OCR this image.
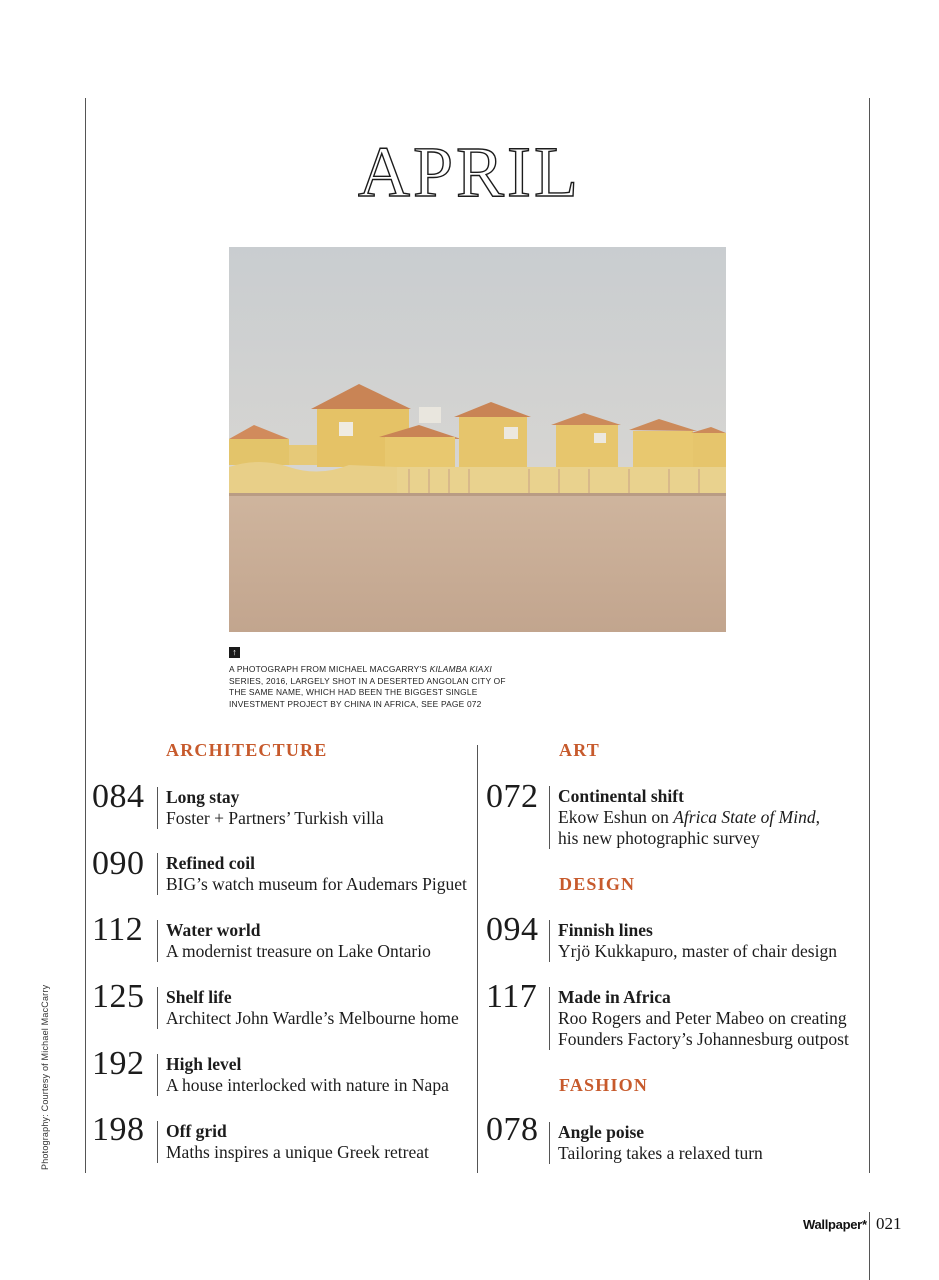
APRIL
↑
A PHOTOGRAPH FROM MICHAEL MACGARRY'S KILAMBA KIAXI SERIES, 2016, LARGELY SHOT IN A DESERTED ANGOLAN CITY OF THE SAME NAME, WHICH HAD BEEN THE BIGGEST SINGLE INVESTMENT PROJECT BY CHINA IN AFRICA, SEE PAGE 072
ARCHITECTURE
084 Long stay
Foster + Partners’ Turkish villa
090 Refined coil
BIG’s watch museum for Audemars Piguet
112 Water world
A modernist treasure on Lake Ontario
125 Shelf life
Architect John Wardle’s Melbourne home
192 High level
A house interlocked with nature in Napa
198 Off grid
Maths inspires a unique Greek retreat
ART
072 Continental shift
Ekow Eshun on Africa State of Mind,
his new photographic survey
DESIGN
094 Finnish lines
Yrjö Kukkapuro, master of chair design
117 Made in Africa
Roo Rogers and Peter Mabeo on creating
Founders Factory’s Johannesburg outpost
FASHION
078 Angle poise
Tailoring takes a relaxed turn
Photography: Courtesy of Michael MacCarry
Wallpaper* 021
